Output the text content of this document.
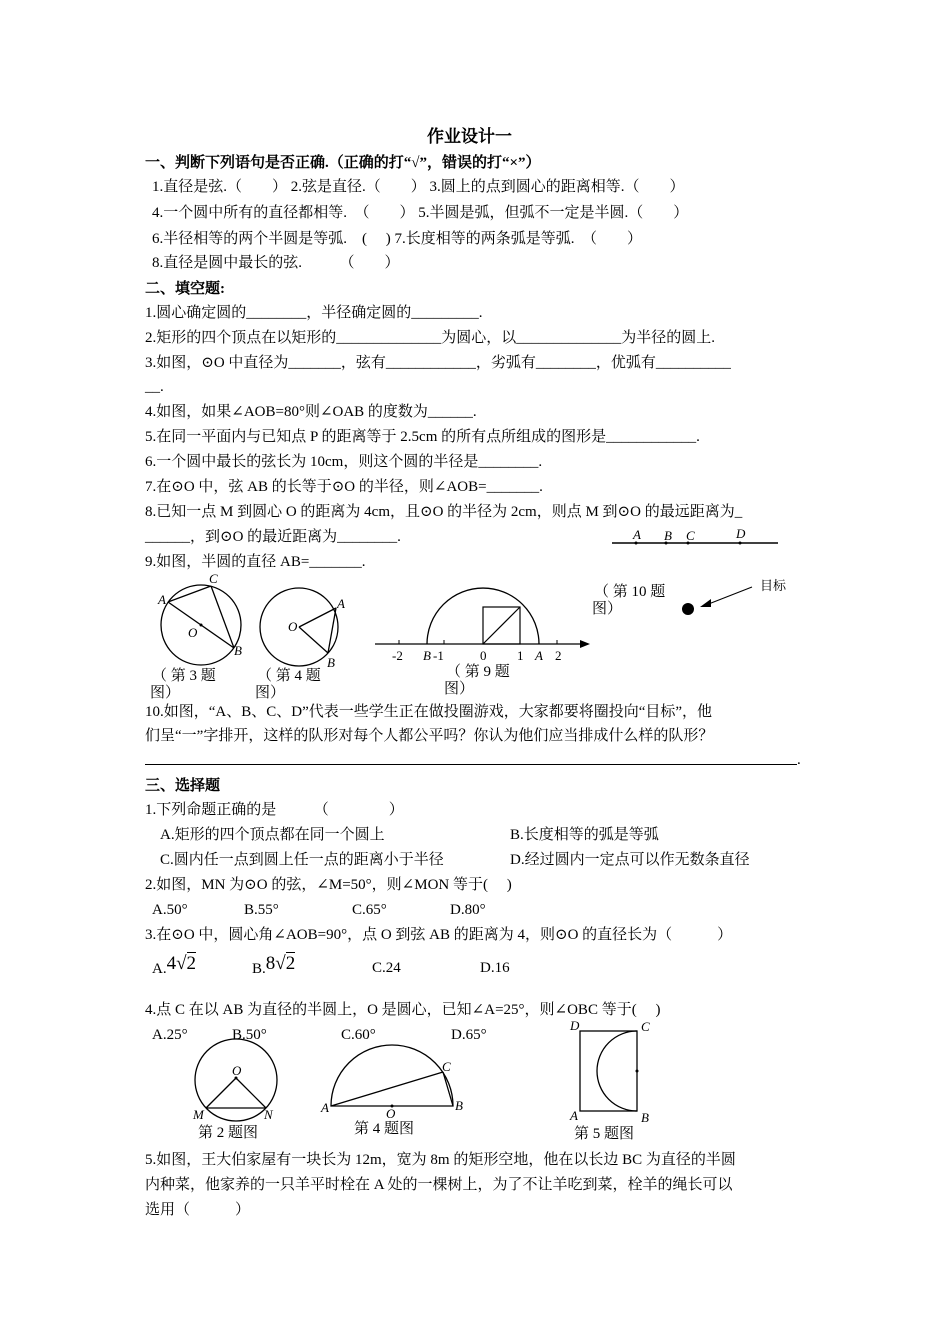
作业设计一
一、判断下列语句是否正确.（正确的打“√”，错误的打“×”）
1.直径是弦.（　　） 2.弦是直径.（　　） 3.圆上的点到圆心的距离相等.（　　）
4.一个圆中所有的直径都相等.　（　　） 5.半圆是弧，但弧不一定是半圆.（　　）
6.半径相等的两个半圆是等弧.　(　 ) 7.长度相等的两条弧是等弧.　（　　）
8.直径是圆中最长的弦.　　　（　　）
二、填空题:
1.圆心确定圆的________，半径确定圆的_________.
2.矩形的四个顶点在以矩形的______________为圆心，以______________为半径的圆上.
3.如图，⊙O 中直径为_______，弦有____________，劣弧有________，优弧有__________
__.
4.如图，如果∠AOB=80°则∠OAB 的度数为______.
5.在同一平面内与已知点 P 的距离等于 2.5cm 的所有点所组成的图形是____________.
6.一个圆中最长的弦长为 10cm，则这个圆的半径是________.
7.在⊙O 中，弦 AB 的长等于⊙O 的半径，则∠AOB=_______.
8.已知一点 M 到圆心 O 的距离为 4cm，且⊙O 的半径为 2cm，则点 M 到⊙O 的最远距离为_
______，到⊙O 的最近距离为________.
9.如图，半圆的直径 AB=_______.
A B C	D
目标
（ 第 10 题
图）
A
C
O
B
（ 第 3 题
图）
O
A
B
（ 第 4 题
图）
-2 B -1	0 1 A 2
（ 第 9 题
图）
10.如图，“A、B、C、D”代表一些学生正在做投圈游戏，大家都要将圈投向“目标”，他
们呈“一”字排开，这样的队形对每个人都公平吗？你认为他们应当排成什么样的队形？
.
三、选择题
1.下列命题正确的是　　　（　　　　）
A.矩形的四个顶点都在同一个圆上	B.长度相等的弧是等弧
C.圆内任一点到圆上任一点的距离小于半径	D.经过圆内一定点可以作无数条直径
2.如图，MN 为⊙O 的弦，∠M=50°，则∠MON 等于(　 )
A.50°	B.55°	C.65°	D.80°
3.在⊙O 中，圆心角∠AOB=90°，点 O 到弦 AB 的距离为 4，则⊙O 的直径长为（　　　）
A.4√2	B.8√2	C.24	D.16
4.点 C 在以 AB 为直径的半圆上，O 是圆心，已知∠A=25°，则∠OBC 等于(　 )
A.25°	B.50°	C.60°	D.65°
O
M	N
第 2 题图
A
C
O
B
第 4 题图
D	C
A	B
第 5 题图
5.如图，王大伯家屋有一块长为 12m，宽为 8m 的矩形空地，他在以长边 BC 为直径的半圆
内种菜，他家养的一只羊平时栓在 A 处的一棵树上，为了不让羊吃到菜，栓羊的绳长可以
选用（　　　）
